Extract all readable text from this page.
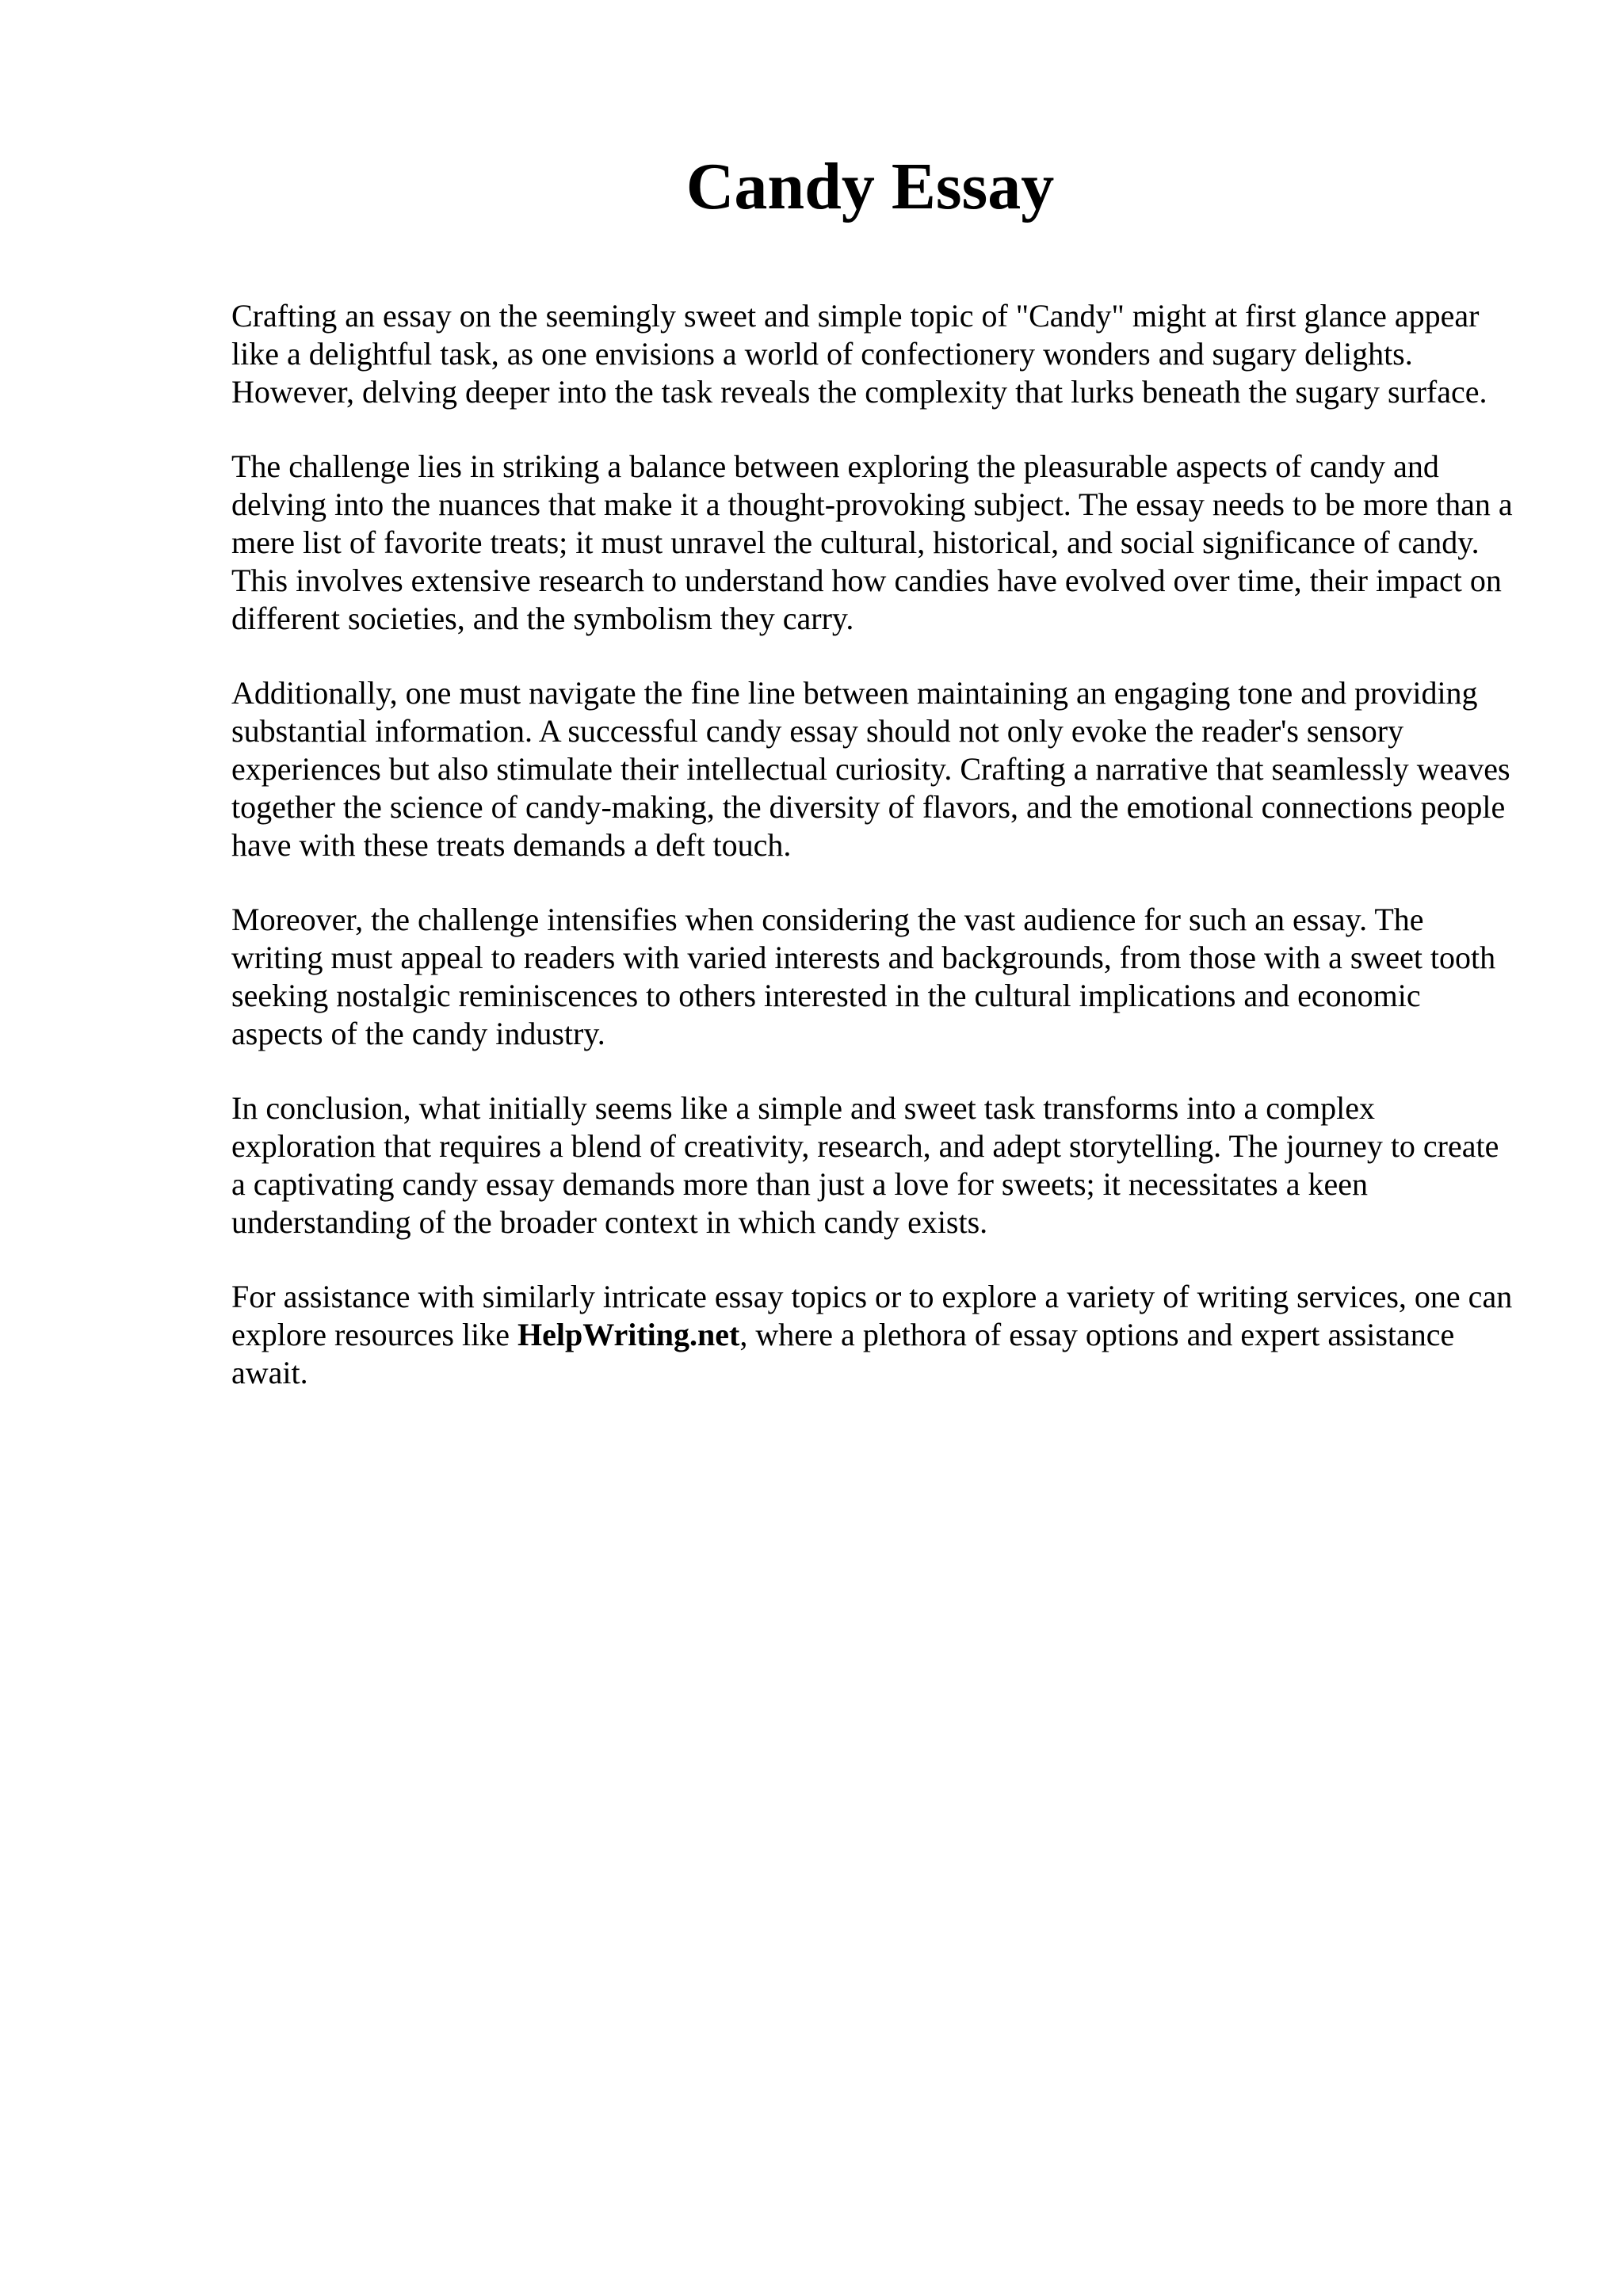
Candy Essay

Crafting an essay on the seemingly sweet and simple topic of "Candy" might at first glance appear like a delightful task, as one envisions a world of confectionery wonders and sugary delights. However, delving deeper into the task reveals the complexity that lurks beneath the sugary surface.

The challenge lies in striking a balance between exploring the pleasurable aspects of candy and delving into the nuances that make it a thought-provoking subject. The essay needs to be more than a mere list of favorite treats; it must unravel the cultural, historical, and social significance of candy. This involves extensive research to understand how candies have evolved over time, their impact on different societies, and the symbolism they carry.

Additionally, one must navigate the fine line between maintaining an engaging tone and providing substantial information. A successful candy essay should not only evoke the reader's sensory experiences but also stimulate their intellectual curiosity. Crafting a narrative that seamlessly weaves together the science of candy-making, the diversity of flavors, and the emotional connections people have with these treats demands a deft touch.

Moreover, the challenge intensifies when considering the vast audience for such an essay. The writing must appeal to readers with varied interests and backgrounds, from those with a sweet tooth seeking nostalgic reminiscences to others interested in the cultural implications and economic aspects of the candy industry.

In conclusion, what initially seems like a simple and sweet task transforms into a complex exploration that requires a blend of creativity, research, and adept storytelling. The journey to create a captivating candy essay demands more than just a love for sweets; it necessitates a keen understanding of the broader context in which candy exists.

For assistance with similarly intricate essay topics or to explore a variety of writing services, one can explore resources like HelpWriting.net, where a plethora of essay options and expert assistance await.
